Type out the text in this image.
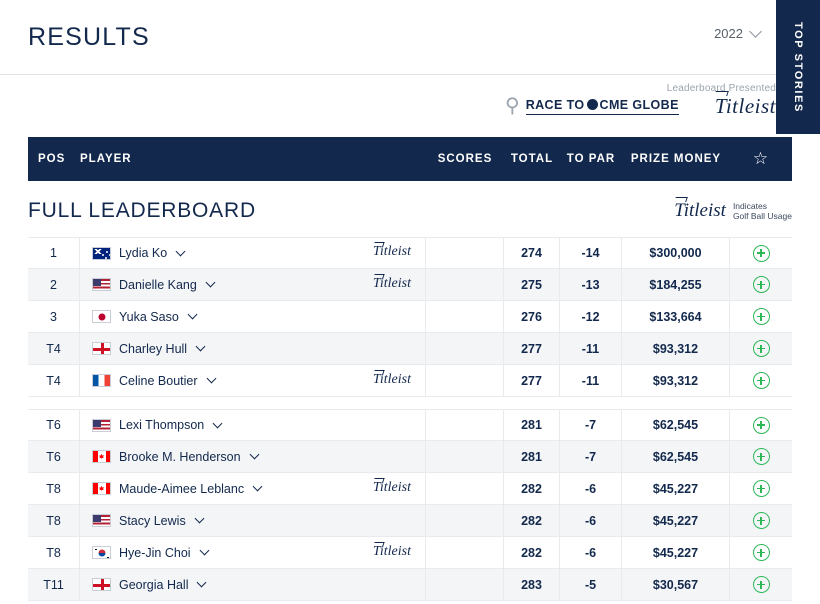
RESULTS	2022	TOP STORIES
⚲ RACE TO CME GLOBE
Leaderboard Presented
Titleist
POS	PLAYER	SCORES	TOTAL	TO PAR	PRIZE MONEY	☆
FULL LEADERBOARD	Titleist Indicates
Golf Ball Usage
1	Lydia Ko	Titleist	274	-14	$300,000
2	Danielle Kang	Titleist	275	-13	$184,255
3	Yuka Saso	276	-12	$133,664
T4	Charley Hull	277	-11	$93,312
T4	Celine Boutier	Titleist	277	-11	$93,312
T6	Lexi Thompson	281	-7	$62,545
T6	Brooke M. Henderson	281	-7	$62,545
T8	Maude-Aimee Leblanc	Titleist	282	-6	$45,227
T8	Stacy Lewis	282	-6	$45,227
T8	Hye-Jin Choi	Titleist	282	-6	$45,227
T11	Georgia Hall	283	-5	$30,567
